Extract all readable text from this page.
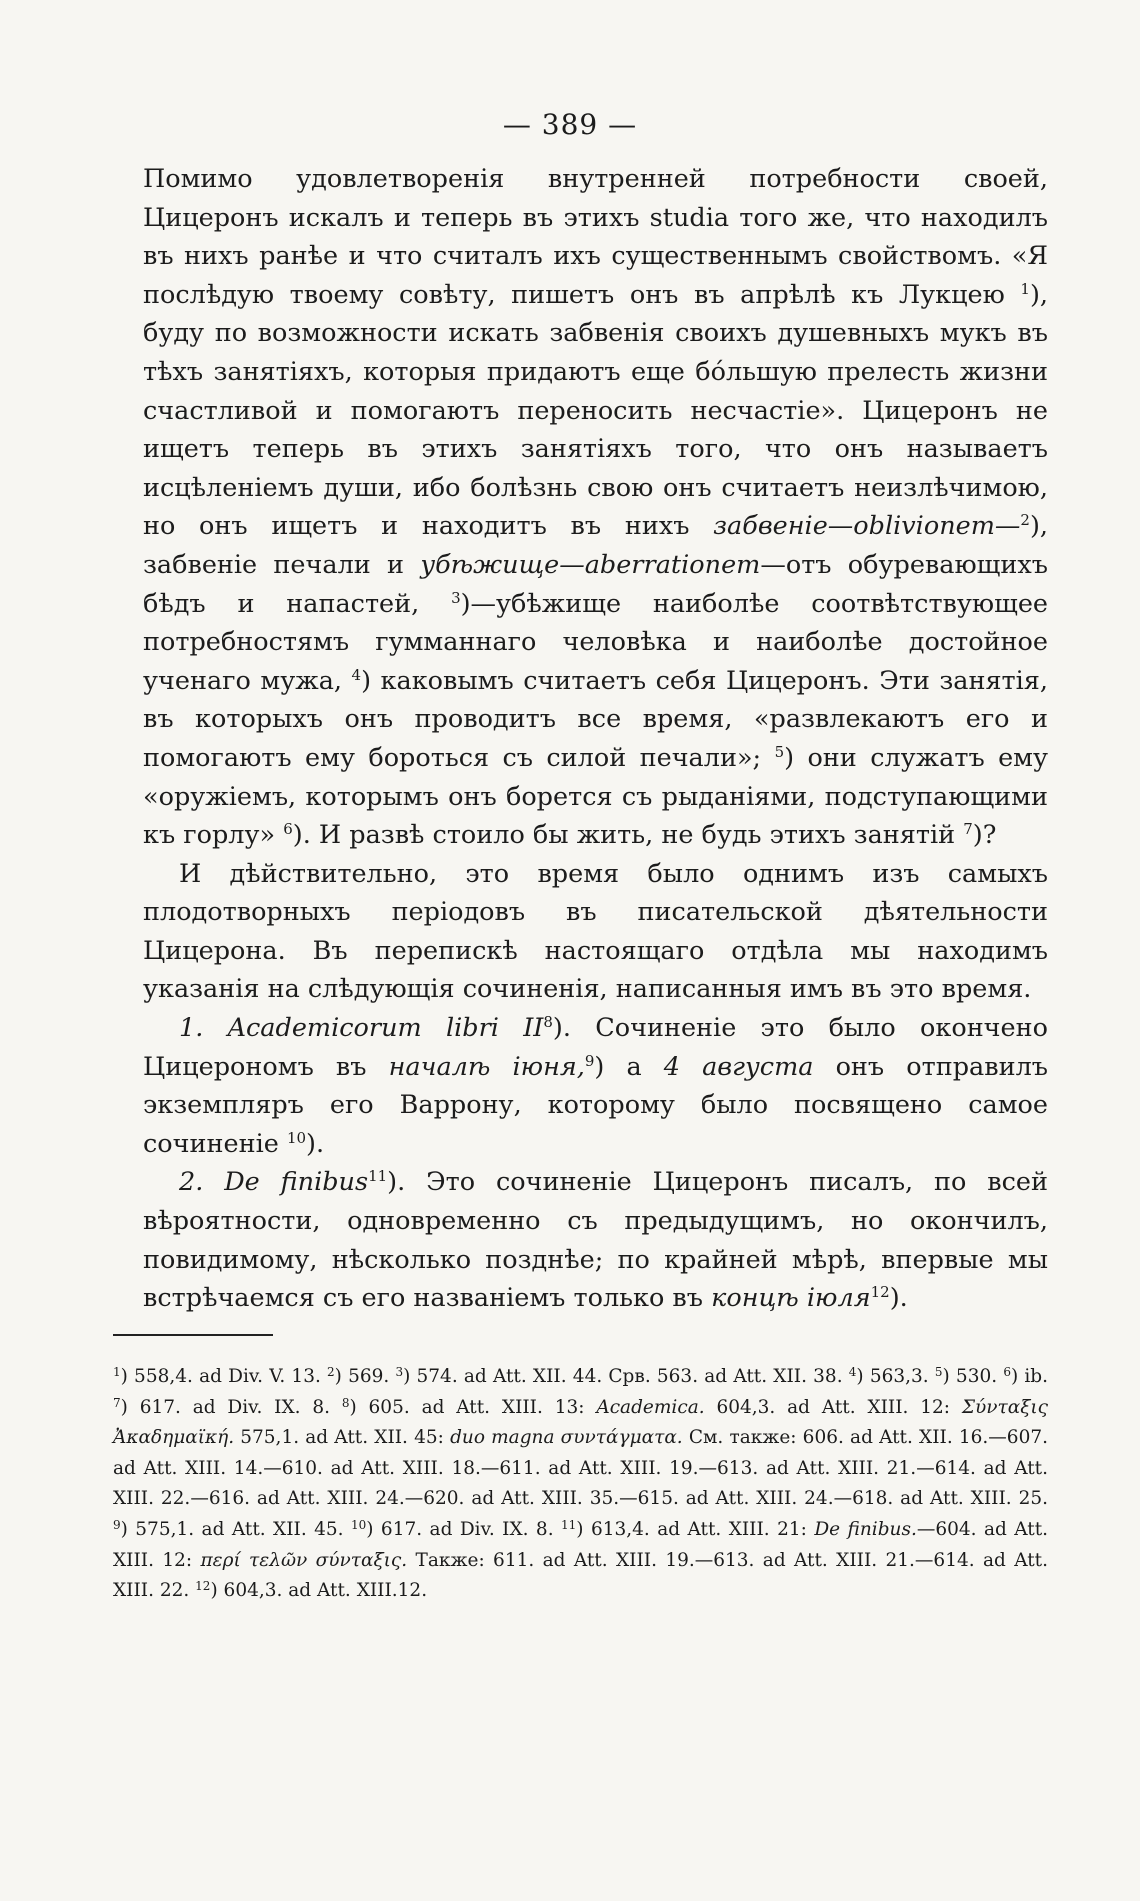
— 389 —

Помимо удовлетворенія внутренней потребности своей, Цицеронъ искалъ и теперь въ этихъ studia того же, что находилъ въ нихъ ранѣе и что считалъ ихъ существеннымъ свойствомъ. «Я послѣдую твоему совѣту, пишетъ онъ въ апрѣлѣ къ Лукцею $^1$), буду по возможности искать забвенія своихъ душевныхъ мукъ въ тѣхъ занятіяхъ, которыя придаютъ еще бóльшую прелесть жизни счастливой и помогаютъ переносить несчастіе». Цицеронъ не ищетъ теперь въ этихъ занятіяхъ того, что онъ называетъ исцѣленіемъ души, ибо болѣзнь свою онъ считаетъ неизлѣчимою, но онъ ищетъ и находитъ въ нихъ забвеніе—oblivionem—$^2$), забвеніе печали и убѣжище—aberrationem—отъ обуревающихъ бѣдъ и напастей, $^3$)—убѣжище наиболѣе соотвѣтствующее потребностямъ гумманнаго человѣка и наиболѣе достойное ученаго мужа, $^4$) каковымъ считаетъ себя Цицеронъ. Эти занятія, въ которыхъ онъ проводитъ все время, «развлекаютъ его и помогаютъ ему бороться съ силой печали»; $^5$) они служатъ ему «оружіемъ, которымъ онъ борется съ рыданіями, подступающими къ горлу» $^6$). И развѣ стоило бы жить, не будь этихъ занятій $^7$)?

И дѣйствительно, это время было однимъ изъ самыхъ плодотворныхъ періодовъ въ писательской дѣятельности Цицерона. Въ перепискѣ настоящаго отдѣла мы находимъ указанія на слѣдующія сочиненія, написанныя имъ въ это время.

1. Academicorum libri $II^8$). Сочиненіе это было окончено Цицерономъ въ началѣ іюня,$^9$) а 4 августа онъ отправилъ экземпляръ его Варрону, которому было посвящено самое сочиненіе $^{10}$).

2. De finibus$^{11}$). Это сочиненіе Цицеронъ писалъ, по всей вѣроятности, одновременно съ предыдущимъ, но окончилъ, повидимому, нѣсколько позднѣе; по крайней мѣрѣ, впервые мы встрѣчаемся съ его названіемъ только въ концѣ іюля$^{12}$).

$^1$) 558,4. ad Div. V. 13. $^2$) 569. $^3$) 574. ad Att. XII. 44. Срв. 563. ad Att. XII. 38. $^4$) 563,3. $^5$) 530. $^6$) ib. $^7$) 617. ad Div. IX. 8. $^8$) 605. ad Att. XIII. 13: Academica. 604,3. ad Att. XIII. 12: Σύνταξις Ἀκαδημαϊκή. 575,1. ad Att. XII. 45: duo magna συντάγματα. См. также: 606. ad Att. XII. 16.—607. ad Att. XIII. 14.—610. ad Att. XIII. 18.—611. ad Att. XIII. 19.—613. ad Att. XIII. 21.—614. ad Att. XIII. 22.—616. ad Att. XIII. 24.—620. ad Att. XIII. 35.—615. ad Att. XIII. 24.—618. ad Att. XIII. 25. $^9$) 575,1. ad Att. XII. 45. $^{10}$) 617. ad Div. IX. 8. $^{11}$) 613,4. ad Att. XIII. 21: De finibus.—604. ad Att. XIII. 12: περί τελῶν σύνταξις. Также: 611. ad Att. XIII. 19.—613. ad Att. XIII. 21.—614. ad Att. XIII. 22. $^{12}$) 604,3. ad Att. XIII.12.
